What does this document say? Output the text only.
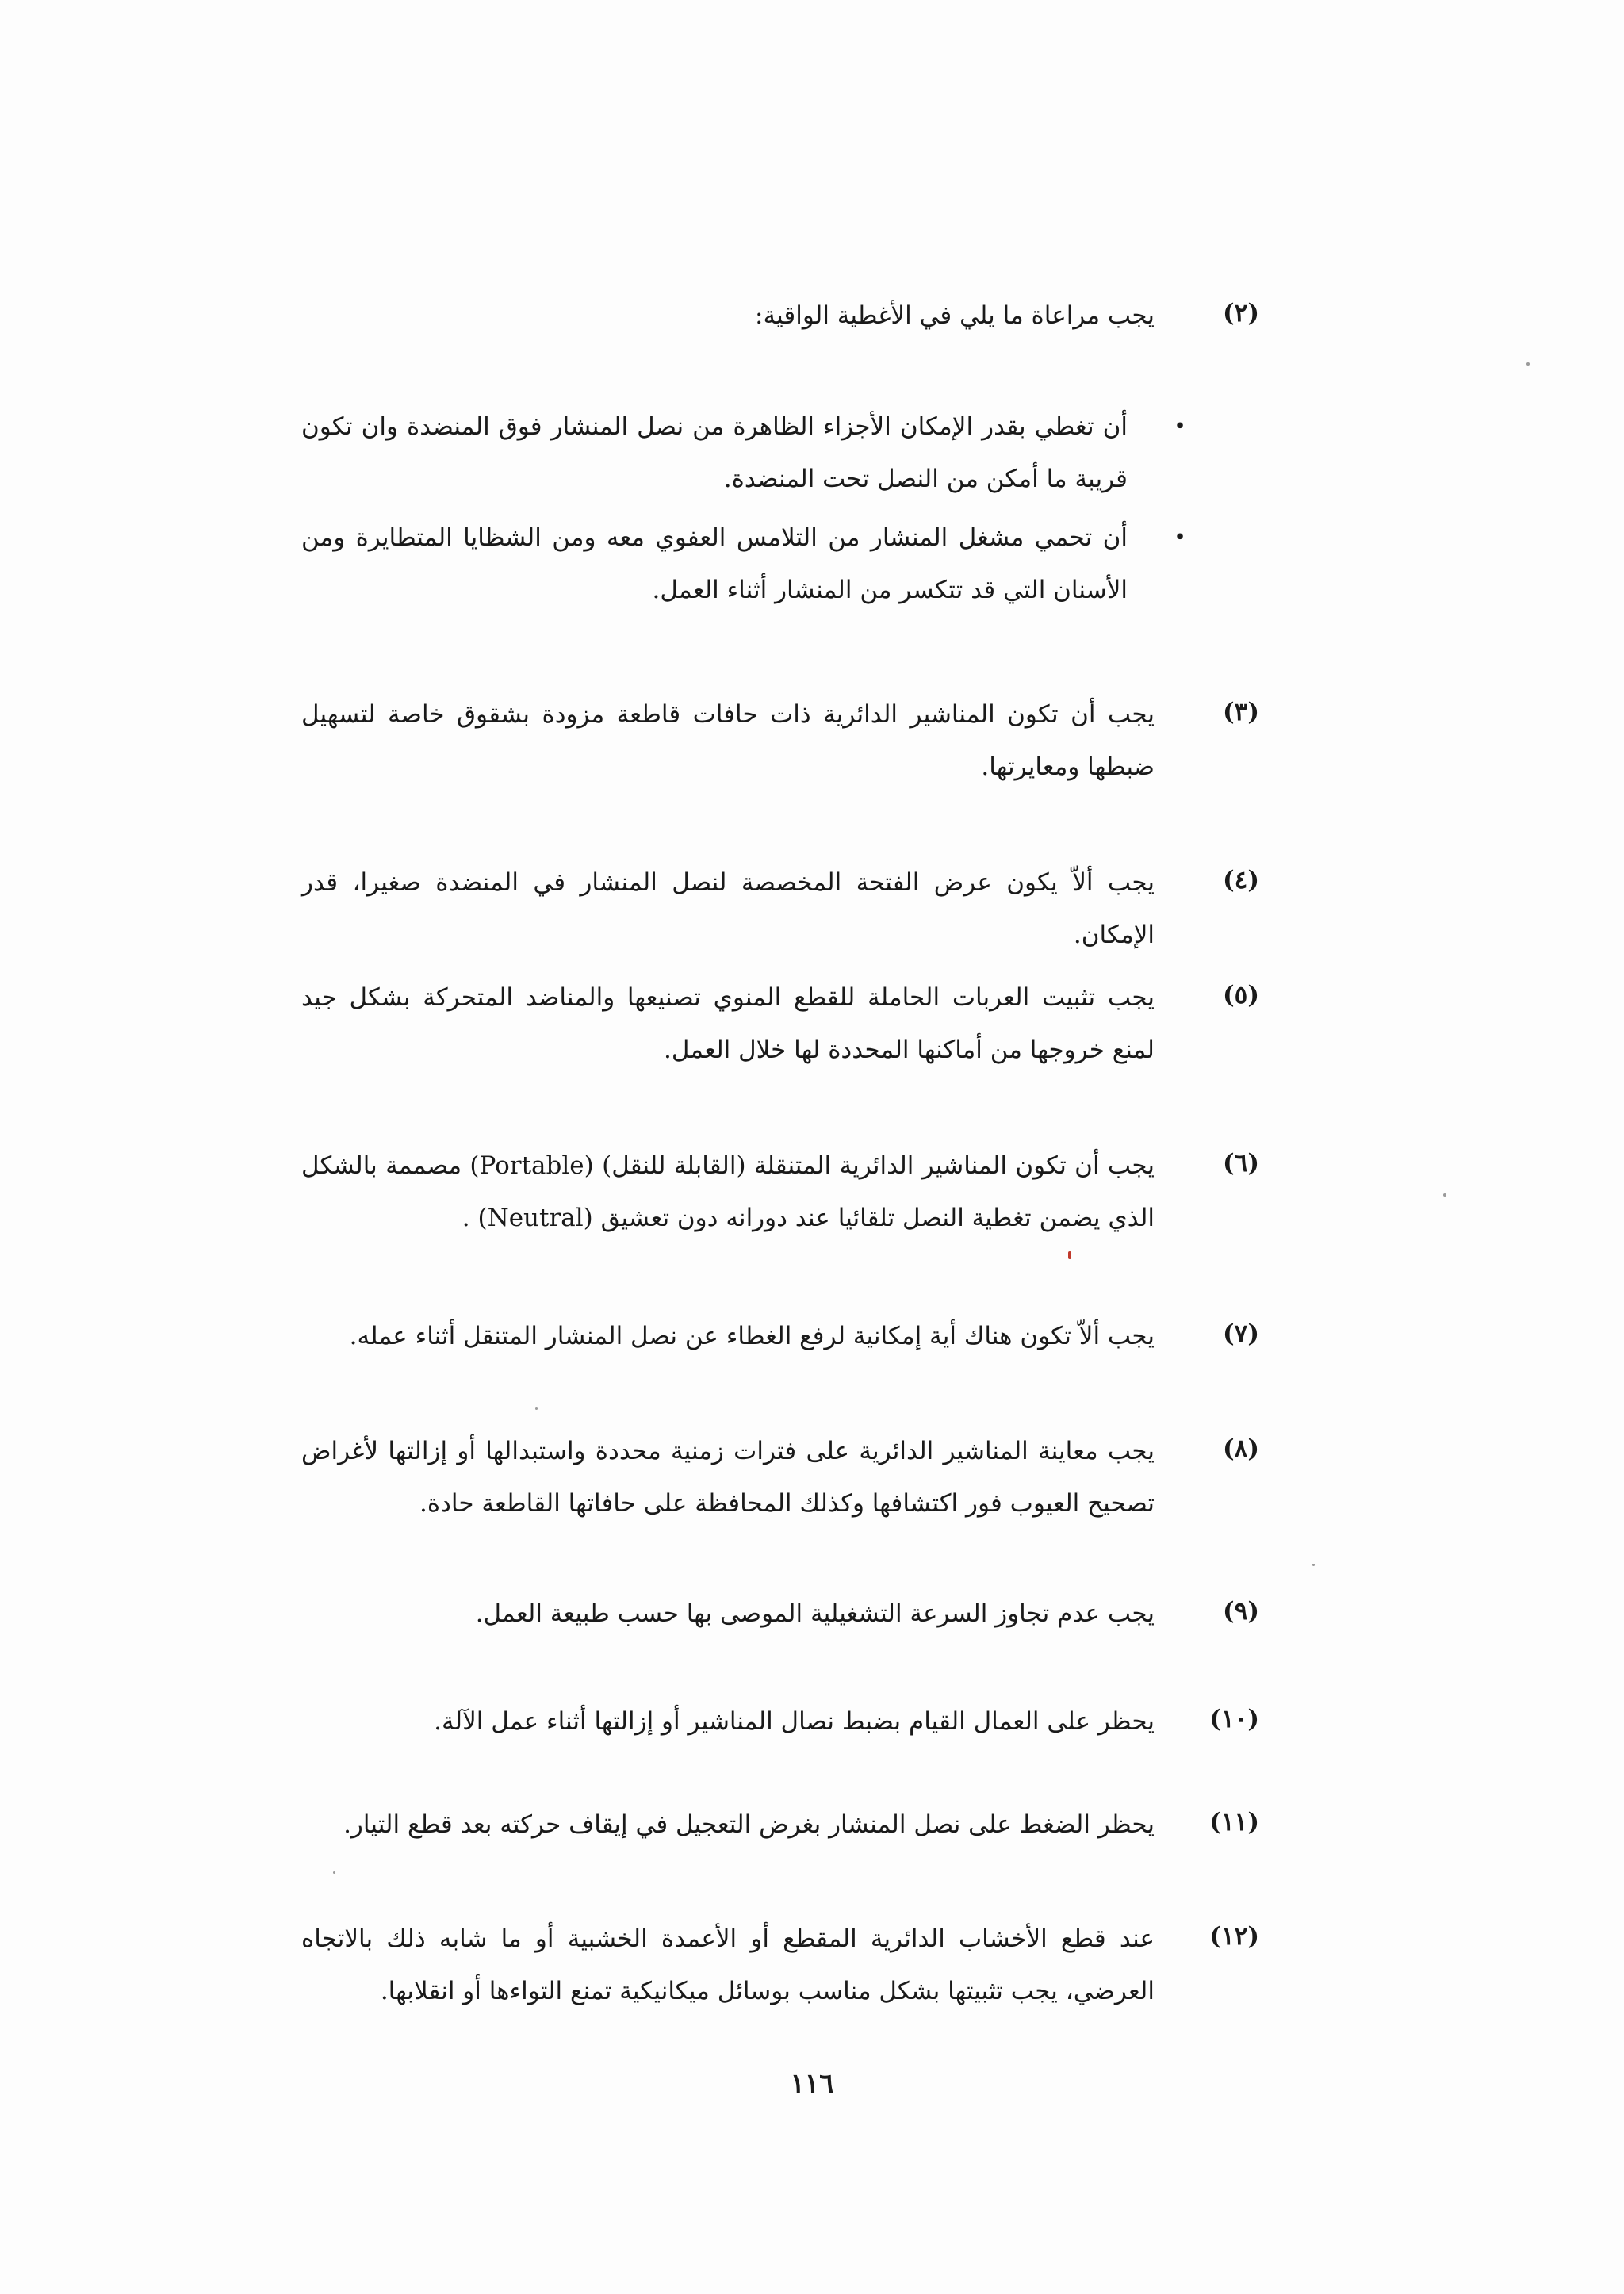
(٢)
يجب مراعاة ما يلي في الأغطية الواقية:
•
أن تغطي بقدر الإمكان الأجزاء الظاهرة من نصل المنشار فوق المنضدة وان تكون قريبة ما أمكن من النصل تحت المنضدة.
•
أن تحمي مشغل المنشار من التلامس العفوي معه ومن الشظايا المتطايرة ومن الأسنان التي قد تتكسر من المنشار أثناء العمل.
(٣)
يجب أن تكون المناشير الدائرية ذات حافات قاطعة مزودة بشقوق خاصة لتسهيل ضبطها ومعايرتها.
(٤)
يجب ألاّ يكون عرض الفتحة المخصصة لنصل المنشار في المنضدة صغيرا، قدر الإمكان.
(٥)
يجب تثبيت العربات الحاملة للقطع المنوي تصنيعها والمناضد المتحركة بشكل جيد لمنع خروجها من أماكنها المحددة لها خلال العمل.
(٦)
يجب أن تكون المناشير الدائرية المتنقلة (القابلة للنقل) (Portable) مصممة بالشكل الذي يضمن تغطية النصل تلقائيا عند دورانه دون تعشيق (Neutral) .
(٧)
يجب ألاّ تكون هناك أية إمكانية لرفع الغطاء عن نصل المنشار المتنقل أثناء عمله.
(٨)
يجب معاينة المناشير الدائرية على فترات زمنية محددة واستبدالها أو إزالتها لأغراض تصحيح العيوب فور اكتشافها وكذلك المحافظة على حافاتها القاطعة حادة.
(٩)
يجب عدم تجاوز السرعة التشغيلية الموصى بها حسب طبيعة العمل.
(١٠)
يحظر على العمال القيام بضبط نصال المناشير أو إزالتها أثناء عمل الآلة.
(١١)
يحظر الضغط على نصل المنشار بغرض التعجيل في إيقاف حركته بعد قطع التيار.
(١٢)
عند قطع الأخشاب الدائرية المقطع أو الأعمدة الخشبية أو ما شابه ذلك بالاتجاه العرضي، يجب تثبيتها بشكل مناسب بوسائل ميكانيكية تمنع التواءها أو انقلابها.
١١٦
